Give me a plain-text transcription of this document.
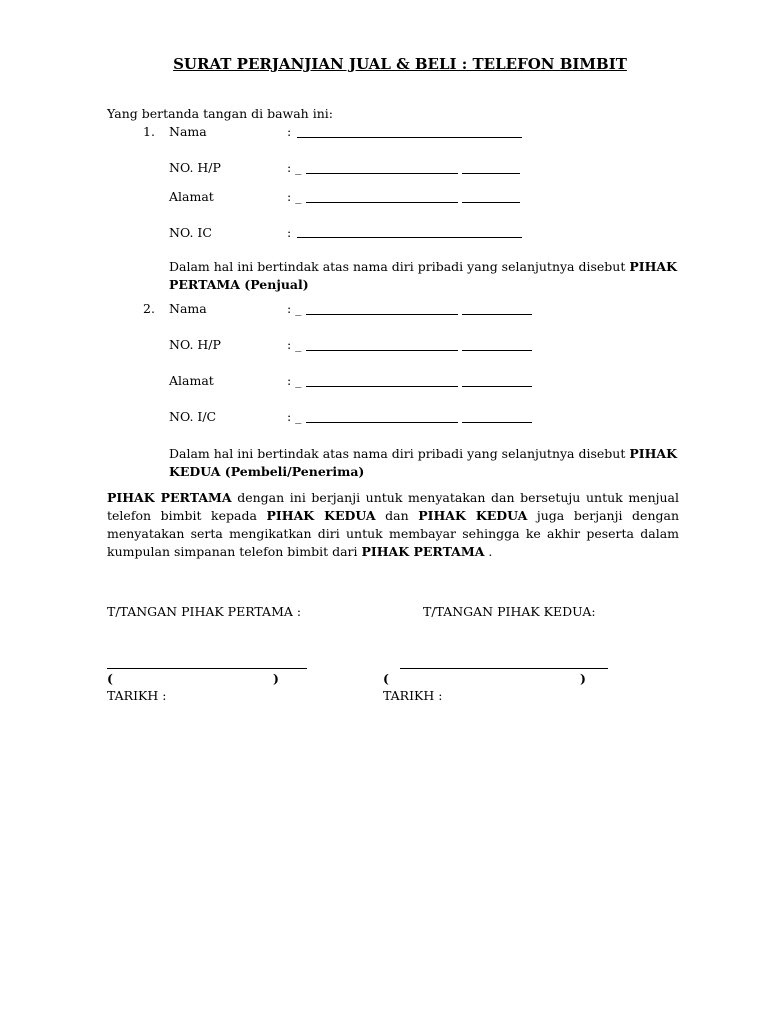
SURAT PERJANJIAN JUAL & BELI : TELEFON BIMBIT
Yang bertanda tangan di bawah ini:
1. Nama	:
NO. H/P	: _
Alamat	: _
NO. IC	:
Dalam hal ini bertindak atas nama diri pribadi yang selanjutnya disebut PIHAK PERTAMA (Penjual)
2. Nama	: _
NO. H/P	: _
Alamat	: _
NO. I/C	: _
Dalam hal ini bertindak atas nama diri pribadi yang selanjutnya disebut PIHAK KEDUA (Pembeli/Penerima)
PIHAK PERTAMA dengan ini berjanji untuk menyatakan dan bersetuju untuk menjual telefon bimbit kepada PIHAK KEDUA dan PIHAK KEDUA juga berjanji dengan menyatakan serta mengikatkan diri untuk membayar sehingga ke akhir peserta dalam kumpulan simpanan telefon bimbit dari PIHAK PERTAMA .
T/TANGAN PIHAK PERTAMA :	T/TANGAN PIHAK KEDUA:
(	)	(	)
TARIKH :	TARIKH :
